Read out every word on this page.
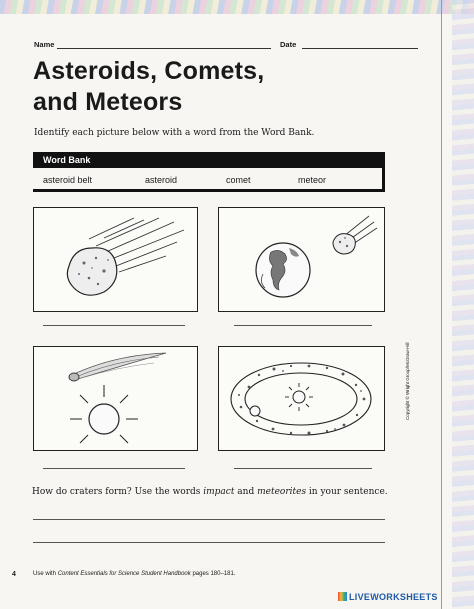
Name	Date
Asteroids, Comets,
and Meteors
Identify each picture below with a word from the Word Bank.
Word Bank
asteroid belt	asteroid	comet	meteor
How do craters form? Use the words impact and meteorites in your sentence.
4	Use with Content Essentials for Science Student Handbook pages 180–181.
Copyright © Wright Group/McGraw-Hill
LIVEWORKSHEETS
